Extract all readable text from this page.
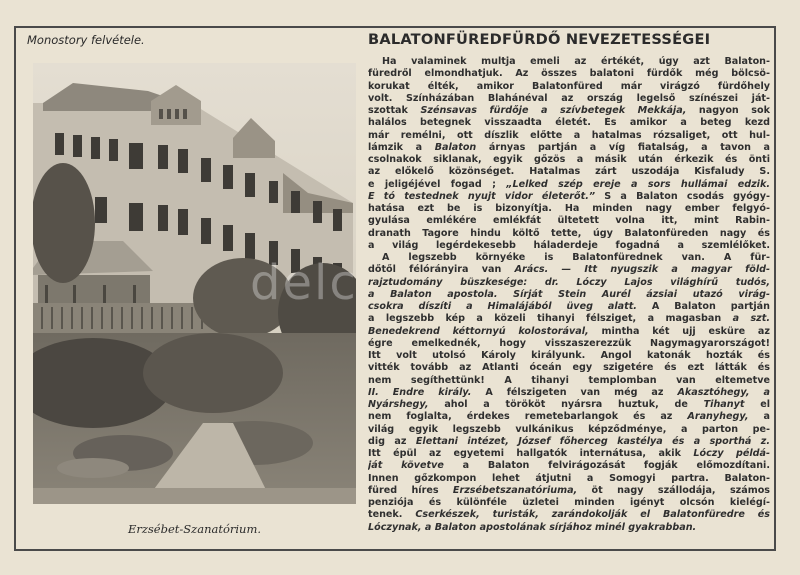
Monostory felvétele.	BALATONFÜREDFÜRDŐ NEVEZETESSÉGEI
Erzsébet-Szanatórium.
Ha valaminek multja emeli az értékét, úgy azt Balaton-
füredről elmondhatjuk. Az összes balatoni fürdők még bölcsö-
korukat élték, amikor Balatonfüred már virágzó fürdőhely
volt. Színházában Blahánéval az ország legelső színészei ját-
szottak Szénsavas fürdője a szívbetegek Mekkája, nagyon sok
halálos betegnek visszaadta életét. És amikor a beteg kezd
már remélni, ott díszlik előtte a hatalmas rózsaliget, ott hul-
lámzik a Balaton árnyas partján a víg fiatalság, a tavon a
csolnakok siklanak, egyik gőzös a másik után érkezik és önti
az előkelő közönséget. Hatalmas zárt uszodája Kisfaludy S.
e jeligéjével fogad ; „Lelked szép ereje a sors hullámai edzik.
E tó testednek nyujt vidor életerőt.” S a Balaton csodás gyógy-
hatása ezt be is bizonyítja. Ha minden nagy ember felgyó-
gyulása emlékére emlékfát ültetett volna itt, mint Rabin-
dranath Tagore hindu költő tette, úgy Balatonfüreden nagy és
a világ legérdekesebb háladerdeje fogadná a szemlélőket.
A legszebb környéke is Balatonfürednek van. A für-
dőtől félórányira van Arács. — Itt nyugszik a magyar föld-
rajztudomány büszkesége: dr. Lóczy Lajos világhírű tudós,
a Balaton apostola. Sírját Stein Aurél ázsiai utazó virág-
csokra díszíti a Himalájából üveg alatt. A Balaton partján
a legszebb kép a közeli tihanyi félsziget, a magasban a szt.
Benedekrend kéttornyú kolostorával, mintha két ujj esküre az
égre emelkednék, hogy visszaszerezzük Nagymagyarországot!
Itt volt utolsó Károly királyunk. Angol katonák hozták és
vitték tovább az Atlanti óceán egy szigetére és ezt látták és
nem segíthettünk! A tihanyi templomban van eltemetve
II. Endre király. A félszigeten van még az Akasztóhegy, a
Nyárshegy, ahol a törököt nyársra huztuk, de Tihanyt el
nem foglalta, érdekes remetebarlangok és az Aranyhegy, a
világ egyik legszebb vulkánikus képződménye, a parton pe-
dig az Élettani intézet, József főherceg kastélya és a sporthá z.
Itt épül az egyetemi hallgatók internátusa, akik Lóczy példá-
ját követve a Balaton felvirágozását fogják előmozdítani.
Innen gőzkompon lehet átjutni a Somogyi partra. Balaton-
füred híres Erzsébetszanatóriuma, öt nagy szállodája, számos
penziója és különféle üzletei minden igényt olcsón kielégí-
tenek. Cserkészek, turisták, zarándokolják el Balatonfüredre és
Lóczynak, a Balaton apostolának sírjához minél gyakrabban.
delc
